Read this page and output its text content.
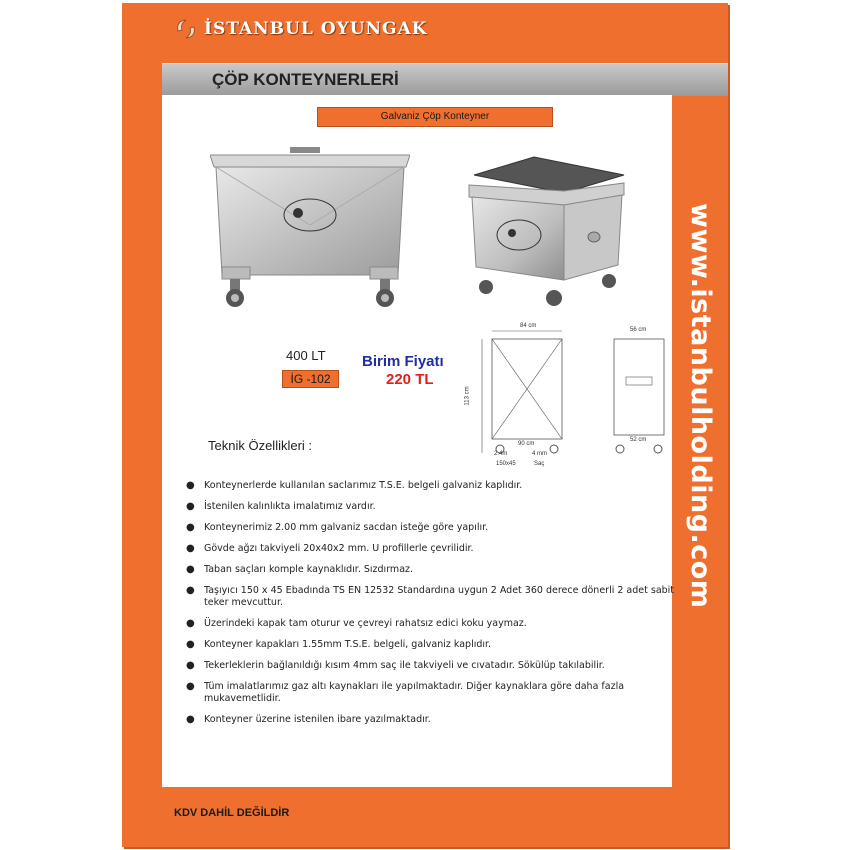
İSTANBUL OYUNGAK
ÇÖP KONTEYNERLERİ
Galvaniz Çöp Konteyner
84 cm
113 cm
90 cm
2.4m	4 mm
150x45	Saç
56 cm
52 cm
400 LT
İG -102
Birim Fiyatı
220 TL
Teknik Özellikleri :
● Konteynerlerde kullanılan saclarımız T.S.E. belgeli galvaniz kaplıdır.
● İstenilen kalınlıkta imalatımız vardır.
● Konteynerimiz 2.00 mm galvaniz sacdan isteğe göre yapılır.
● Gövde ağzı takviyeli 20x40x2 mm. U profillerle çevrilidir.
● Taban saçları komple kaynaklıdır. Sızdırmaz.
● Taşıyıcı 150 x 45 Ebadında TS EN 12532 Standardına uygun 2 Adet 360 derece dönerli 2 adet sabit teker mevcuttur.
● Üzerindeki kapak tam oturur ve çevreyi rahatsız edici koku yaymaz.
● Konteyner kapakları 1.55mm T.S.E. belgeli, galvaniz kaplıdır.
● Tekerleklerin bağlanıldığı kısım 4mm saç ile takviyeli ve cıvatadır. Sökülüp takılabilir.
● Tüm imalatlarımız gaz altı kaynakları ile yapılmaktadır. Diğer kaynaklara göre daha fazla mukavemetlidir.
● Konteyner üzerine istenilen ibare yazılmaktadır.
www.istanbulholding.com
KDV DAHİL DEĞİLDİR
